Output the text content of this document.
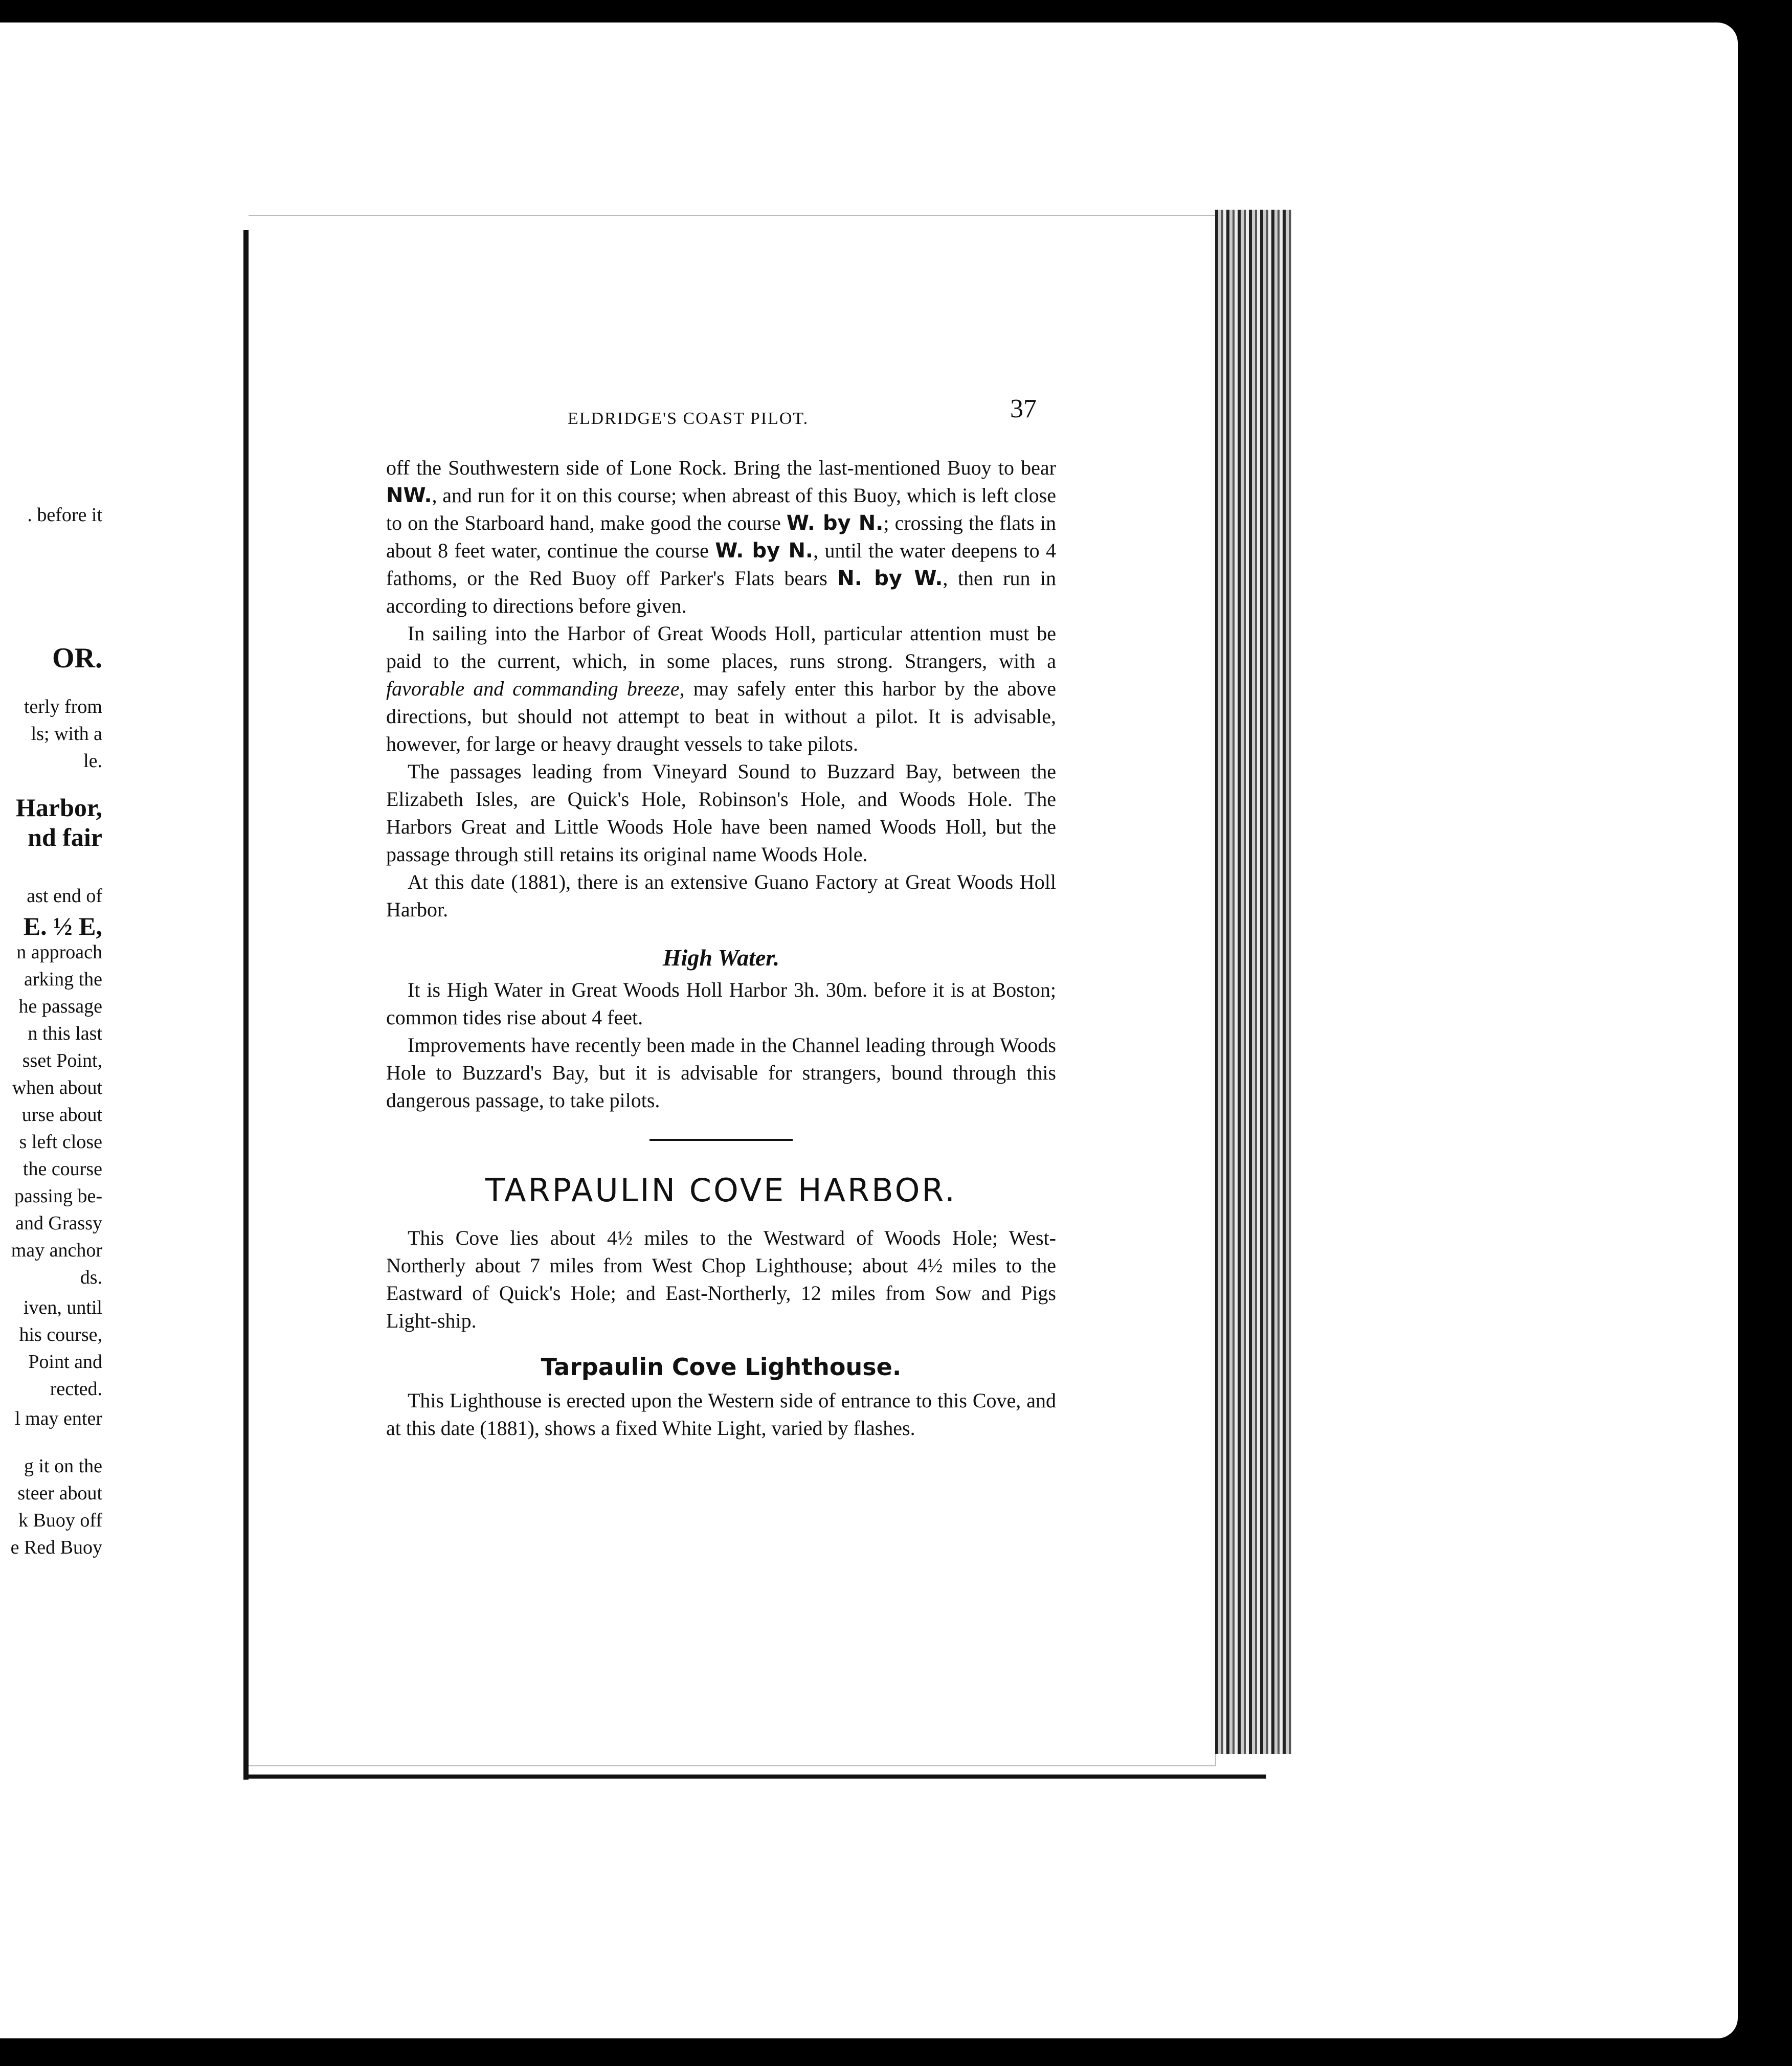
. before it
OR.
terly from
ls; with a
le.
Harbor,
nd fair
ast end of
E. ½ E,
n approach
arking the
he passage
n this last
sset Point,
when about
urse about
s left close
the course
passing be-
and Grassy
may anchor
ds.
iven, until
his course,
Point and
rected.
l may enter
g it on the
steer about
k Buoy off
e Red Buoy
ELDRIDGE'S COAST PILOT.	37

off the Southwestern side of Lone Rock. Bring the last-mentioned Buoy to bear NW., and run for it on this course; when abreast of this Buoy, which is left close to on the Starboard hand, make good the course W. by N.; crossing the flats in about 8 feet water, continue the course W. by N., until the water deepens to 4 fathoms, or the Red Buoy off Parker's Flats bears N. by W., then run in according to directions before given.

In sailing into the Harbor of Great Woods Holl, particular attention must be paid to the current, which, in some places, runs strong. Strangers, with a favorable and commanding breeze, may safely enter this harbor by the above directions, but should not attempt to beat in without a pilot. It is advisable, however, for large or heavy draught vessels to take pilots.

The passages leading from Vineyard Sound to Buzzard Bay, between the Elizabeth Isles, are Quick's Hole, Robinson's Hole, and Woods Hole. The Harbors Great and Little Woods Hole have been named Woods Holl, but the passage through still retains its original name Woods Hole.

At this date (1881), there is an extensive Guano Factory at Great Woods Holl Harbor.

High Water.

It is High Water in Great Woods Holl Harbor 3h. 30m. before it is at Boston; common tides rise about 4 feet.

Improvements have recently been made in the Channel leading through Woods Hole to Buzzard's Bay, but it is advisable for strangers, bound through this dangerous passage, to take pilots.

TARPAULIN COVE HARBOR.

This Cove lies about 4½ miles to the Westward of Woods Hole; West-Northerly about 7 miles from West Chop Lighthouse; about 4½ miles to the Eastward of Quick's Hole; and East-Northerly, 12 miles from Sow and Pigs Light-ship.

Tarpaulin Cove Lighthouse.

This Lighthouse is erected upon the Western side of entrance to this Cove, and at this date (1881), shows a fixed White Light, varied by flashes.
